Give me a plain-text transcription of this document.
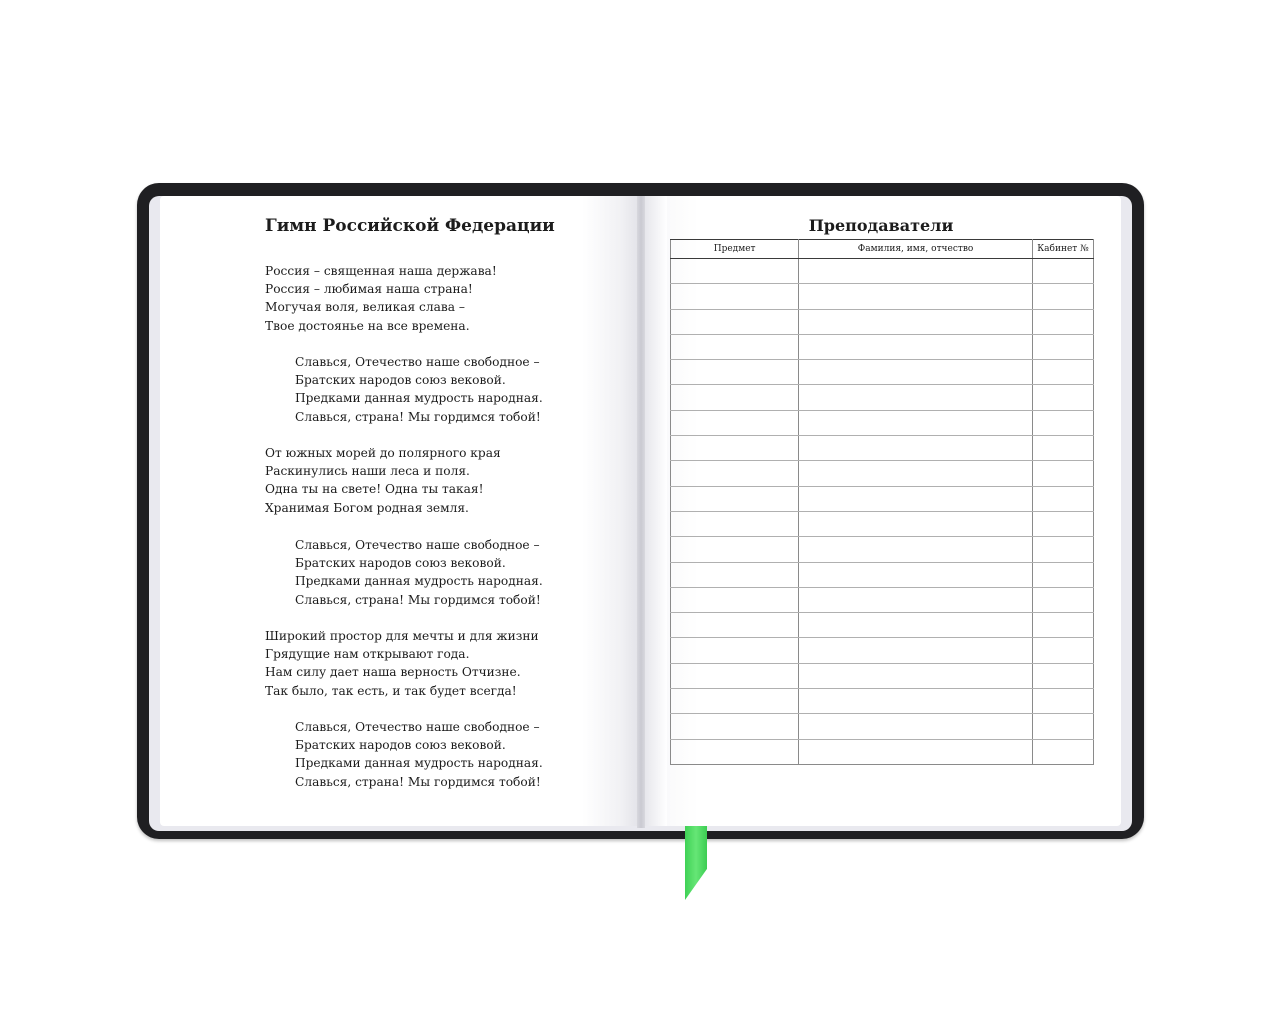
Гимн Российской Федерации
Россия – священная наша держава!
Россия – любимая наша страна!
Могучая воля, великая слава –
Твое достоянье на все времена.
Славься, Отечество наше свободное –
Братских народов союз вековой.
Предками данная мудрость народная.
Славься, страна! Мы гордимся тобой!
От южных морей до полярного края
Раскинулись наши леса и поля.
Одна ты на свете! Одна ты такая!
Хранимая Богом родная земля.
Славься, Отечество наше свободное –
Братских народов союз вековой.
Предками данная мудрость народная.
Славься, страна! Мы гордимся тобой!
Широкий простор для мечты и для жизни
Грядущие нам открывают года.
Нам силу дает наша верность Отчизне.
Так было, так есть, и так будет всегда!
Славься, Отечество наше свободное –
Братских народов союз вековой.
Предками данная мудрость народная.
Славься, страна! Мы гордимся тобой!
Преподаватели
Предмет	Фамилия, имя, отчество	Кабинет №
